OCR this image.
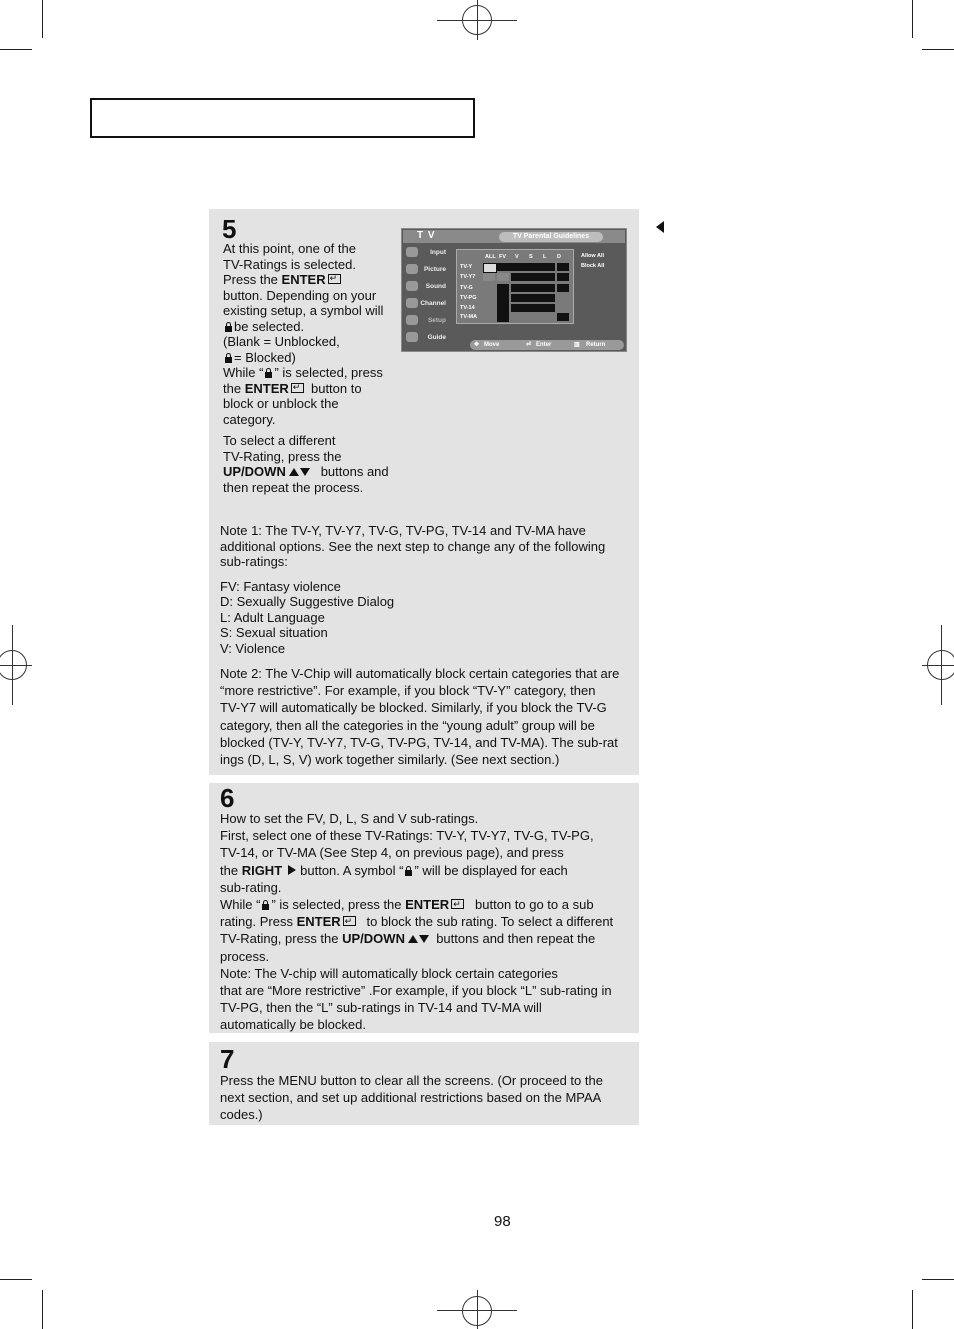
5

At this point, one of the

TV-Ratings is selected.

Press the ENTER↵

button. Depending on your

existing setup, a symbol will

be selected.

(Blank = Unblocked,

= Blocked)

While “ ” is selected, press

the ENTER ↵ button to

block or unblock the

category.

To select a different

TV-Rating, press the

UP/DOWN	buttons and

then repeat the process.

T V	TV Parental Guidelines
Input
Picture
Sound
Channel
Setup
Guide
ALL FV V S L D
TV-Y
TV-Y7
TV-G
TV-PG
TV-14
TV-MA
Allow All
Block All
✥ Move	⏎ Enter	▥ Return

Note 1: The TV-Y, TV-Y7, TV-G, TV-PG, TV-14 and TV-MA have

additional options. See the next step to change any of the following

sub-ratings:

FV: Fantasy violence

D: Sexually Suggestive Dialog

L: Adult Language

S: Sexual situation

V: Violence

Note 2: The V-Chip will automatically block certain categories that are

“more restrictive”. For example, if you block “TV-Y” category, then

TV-Y7 will automatically be blocked. Similarly, if you block the TV-G

category, then all the categories in the “young adult” group will be

blocked (TV-Y, TV-Y7, TV-G, TV-PG, TV-14, and TV-MA). The sub-rat

ings (D, L, S, V) work together similarly. (See next section.)

6

How to set the FV, D, L, S and V sub-ratings.

First, select one of these TV-Ratings: TV-Y, TV-Y7, TV-G, TV-PG,

TV-14, or TV-MA (See Step 4, on previous page), and press

the RIGHT button. A symbol “ ” will be displayed for each

sub-rating.

While “ ” is selected, press the ENTER ↵ button to go to a sub

rating. Press ENTER ↵ to block the sub rating. To select a different

TV-Rating, press the UP/DOWN buttons and then repeat the

process.

Note: The V-chip will automatically block certain categories

that are “More restrictive” .For example, if you block “L” sub-rating in

TV-PG, then the “L” sub-ratings in TV-14 and TV-MA will

automatically be blocked.

7

Press the MENU button to clear all the screens. (Or proceed to the

next section, and set up additional restrictions based on the MPAA

codes.)

98
